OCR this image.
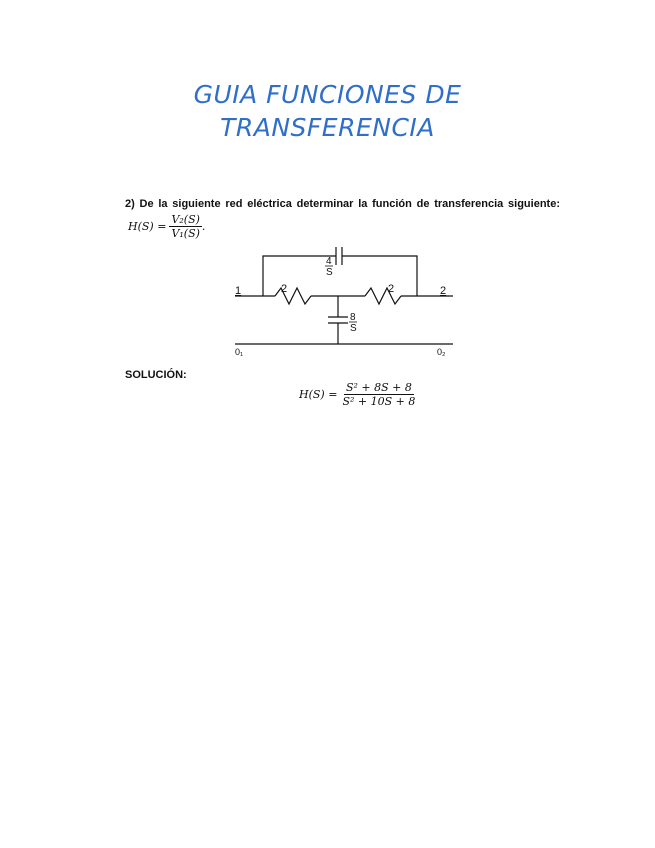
GUIA FUNCIONES DE
TRANSFERENCIA
2) De la siguiente red eléctrica determinar la función de transferencia siguiente:
$H(S) = \frac{\text{V₂(S)}}{\text{V₁(S)}}$ .
4
S
8
S
2	2
1	2
0₁	0₂
SOLUCIÓN:
$H(S) = \frac{\text{S² + 8S + 8}}{\text{S² + 10S + 8}}$
